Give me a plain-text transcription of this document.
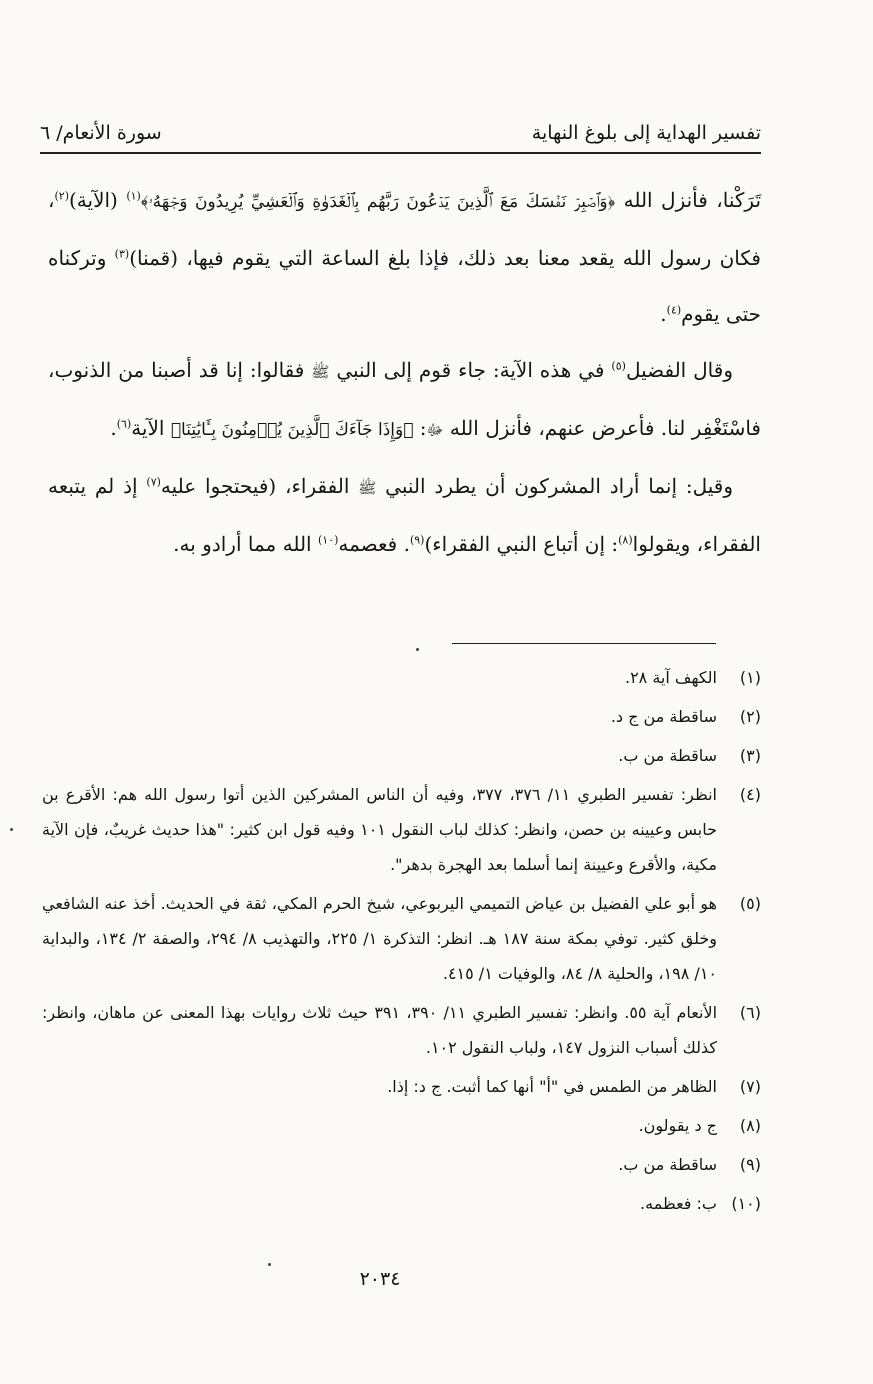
تفسير الهداية إلى بلوغ النهاية
سورة الأنعام/ ٦

تَرَكْنا، فأنزل الله ﴿وَٱصۡبِرۡ نَفۡسَكَ مَعَ ٱلَّذِينَ يَدۡعُونَ رَبَّهُم بِٱلۡغَدَوٰةِ وَٱلۡعَشِيِّ يُرِيدُونَ وَجۡهَهُۥ﴾$^{(١)}$ (الآية)$^{(٢)}$، فكان رسول الله يقعد معنا بعد ذلك، فإذا بلغ الساعة التي يقوم فيها، (قمنا)$^{(٣)}$ وتركناه حتى يقوم$^{(٤)}$.

وقال الفضيل$^{(٥)}$ في هذه الآية: جاء قوم إلى النبي ﷺ فقالوا: إنا قد أصبنا من الذنوب، فاسْتَغْفِر لنا. فأعرض عنهم، فأنزل الله ﷻ: ﴿وَإِذَا جَآءَكَ ٱلَّذِينَ يُؤۡمِنُونَ بِـَٔايَٰتِنَا﴾ الآية$^{(٦)}$.

وقيل: إنما أراد المشركون أن يطرد النبي ﷺ الفقراء، (فيحتجوا عليه$^{(٧)}$ إذ لم يتبعه الفقراء، ويقولوا$^{(٨)}$: إن أتباع النبي الفقراء)$^{(٩)}$. فعصمه$^{(١٠)}$ الله مما أرادو به.

(١)
الكهف آية ٢٨.
(٢)
ساقطة من ج د.
(٣)
ساقطة من ب.
(٤)
انظر: تفسير الطبري ١١/ ٣٧٦، ٣٧٧، وفيه أن الناس المشركين الذين أتوا رسول الله هم: الأقرع بن حابس وعيينه بن حصن، وانظر: كذلك لباب النقول ١٠١ وفيه قول ابن كثير: "هذا حديث غريبٌ، فإن الآية مكية، والأقرع وعيينة إنما أسلما بعد الهجرة بدهر".
(٥)
هو أبو علي الفضيل بن عياض التميمي اليربوعي، شيخ الحرم المكي، ثقة في الحديث. أخذ عنه الشافعي وخلق كثير. توفي بمكة سنة ١٨٧ هـ. انظر: التذكرة ١/ ٢٢٥، والتهذيب ٨/ ٢٩٤، والصفة ٢/ ١٣٤، والبداية ١٠/ ١٩٨، والحلية ٨/ ٨٤، والوفيات ١/ ٤١٥.
(٦)
الأنعام آية ٥٥. وانظر: تفسير الطبري ١١/ ٣٩٠، ٣٩١ حيث ثلاث روايات بهذا المعنى عن ماهان، وانظر: كذلك أسباب النزول ١٤٧، ولباب النقول ١٠٢.
(٧)
الظاهر من الطمس في "أ" أنها كما أثبت. ج د: إذا.
(٨)
ج د يقولون.
(٩)
ساقطة من ب.
(١٠)
ب: فعظمه.
٢٠٣٤
